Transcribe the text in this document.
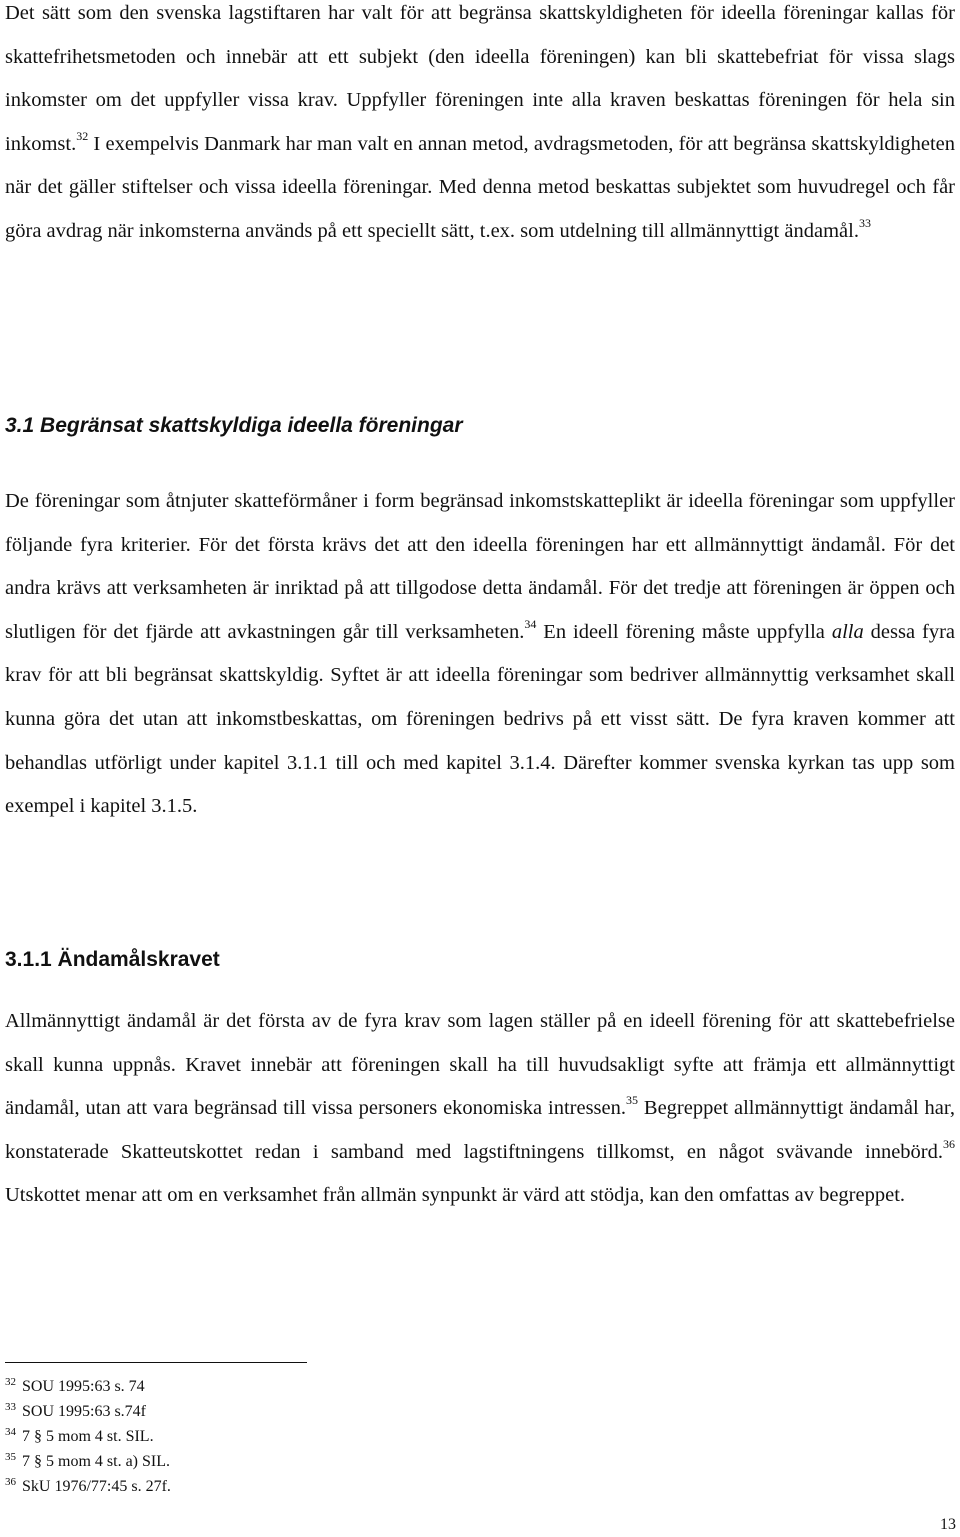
Det sätt som den svenska lagstiftaren har valt för att begränsa skattskyldigheten för ideella föreningar kallas för skattefrihetsmetoden och innebär att ett subjekt (den ideella föreningen) kan bli skattebefriat för vissa slags inkomster om det uppfyller vissa krav. Uppfyller föreningen inte alla kraven beskattas föreningen för hela sin inkomst.$^{32}$ I exempelvis Danmark har man valt en annan metod, avdragsmetoden, för att begränsa skattskyldigheten när det gäller stiftelser och vissa ideella föreningar. Med denna metod beskattas subjektet som huvudregel och får göra avdrag när inkomsterna används på ett speciellt sätt, t.ex. som utdelning till allmännyttigt ändamål.$^{33}$

3.1 Begränsat skattskyldiga ideella föreningar

De föreningar som åtnjuter skatteförmåner i form begränsad inkomstskatteplikt är ideella föreningar som uppfyller följande fyra kriterier. För det första krävs det att den ideella föreningen har ett allmännyttigt ändamål. För det andra krävs att verksamheten är inriktad på att tillgodose detta ändamål. För det tredje att föreningen är öppen och slutligen för det fjärde att avkastningen går till verksamheten.$^{34}$ En ideell förening måste uppfylla alla dessa fyra krav för att bli begränsat skattskyldig. Syftet är att ideella föreningar som bedriver allmännyttig verksamhet skall kunna göra det utan att inkomstbeskattas, om föreningen bedrivs på ett visst sätt. De fyra kraven kommer att behandlas utförligt under kapitel 3.1.1 till och med kapitel 3.1.4. Därefter kommer svenska kyrkan tas upp som exempel i kapitel 3.1.5.

3.1.1 Ändamålskravet

Allmännyttigt ändamål är det första av de fyra krav som lagen ställer på en ideell förening för att skattebefrielse skall kunna uppnås. Kravet innebär att föreningen skall ha till huvudsakligt syfte att främja ett allmännyttigt ändamål, utan att vara begränsad till vissa personers ekonomiska intressen.$^{35}$ Begreppet allmännyttigt ändamål har, konstaterade Skatteutskottet redan i samband med lagstiftningens tillkomst, en något svävande innebörd.$^{36}$ Utskottet menar att om en verksamhet från allmän synpunkt är värd att stödja, kan den omfattas av begreppet.

32 SOU 1995:63 s. 74
33 SOU 1995:63 s.74f
34 7 § 5 mom 4 st. SIL.
35 7 § 5 mom 4 st. a) SIL.
36 SkU 1976/77:45 s. 27f.
13
